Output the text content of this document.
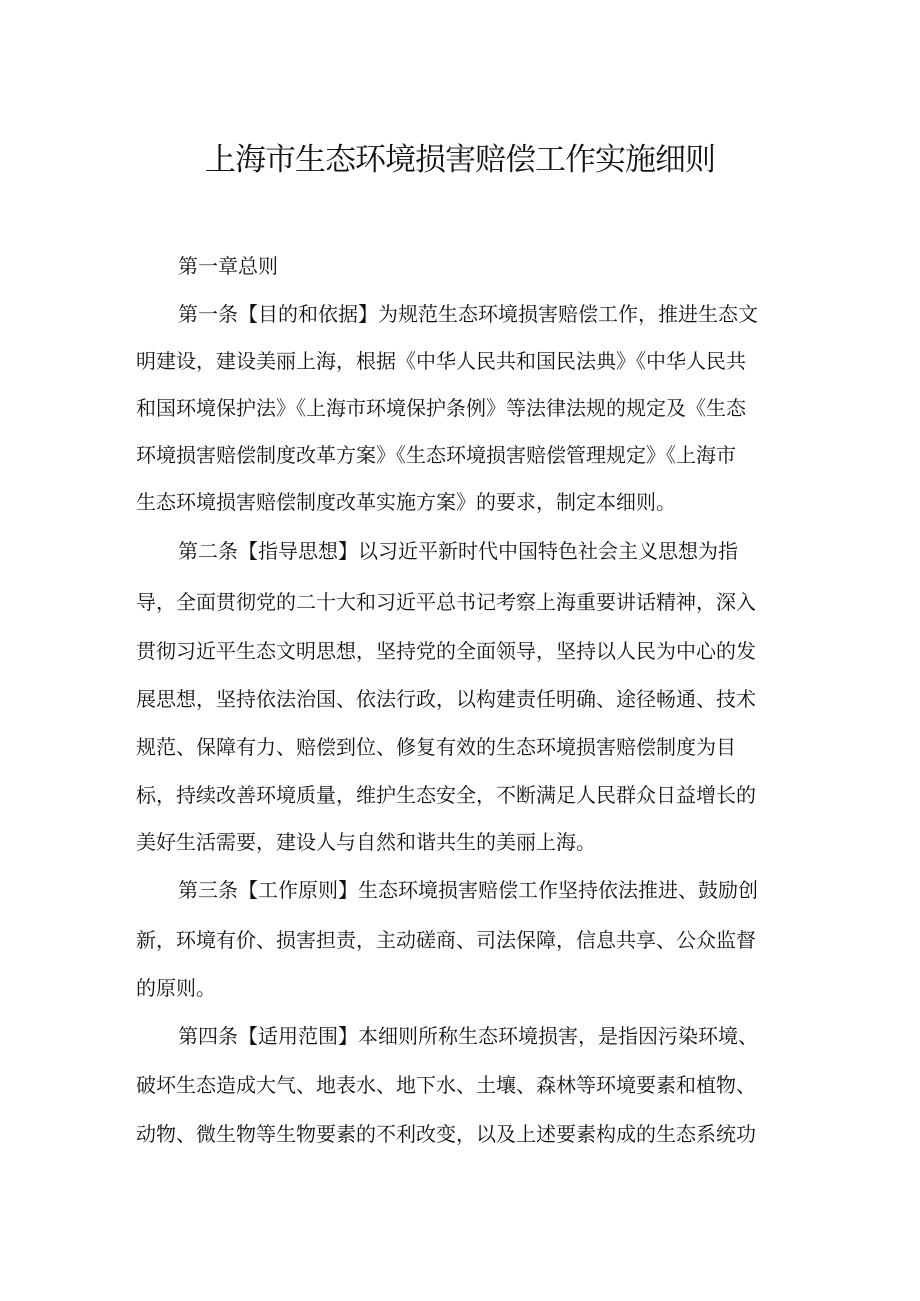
上海市生态环境损害赔偿工作实施细则
第一章总则
第一条【目的和依据】为规范生态环境损害赔偿工作，推进生态文
明建设，建设美丽上海，根据《中华人民共和国民法典》《中华人民共
和国环境保护法》《上海市环境保护条例》等法律法规的规定及《生态
环境损害赔偿制度改革方案》《生态环境损害赔偿管理规定》《上海市
生态环境损害赔偿制度改革实施方案》的要求，制定本细则。
第二条【指导思想】以习近平新时代中国特色社会主义思想为指
导，全面贯彻党的二十大和习近平总书记考察上海重要讲话精神，深入
贯彻习近平生态文明思想，坚持党的全面领导，坚持以人民为中心的发
展思想，坚持依法治国、依法行政，以构建责任明确、途径畅通、技术
规范、保障有力、赔偿到位、修复有效的生态环境损害赔偿制度为目
标，持续改善环境质量，维护生态安全，不断满足人民群众日益增长的
美好生活需要，建设人与自然和谐共生的美丽上海。
第三条【工作原则】生态环境损害赔偿工作坚持依法推进、鼓励创
新，环境有价、损害担责，主动磋商、司法保障，信息共享、公众监督
的原则。
第四条【适用范围】本细则所称生态环境损害，是指因污染环境、
破坏生态造成大气、地表水、地下水、土壤、森林等环境要素和植物、
动物、微生物等生物要素的不利改变，以及上述要素构成的生态系统功
